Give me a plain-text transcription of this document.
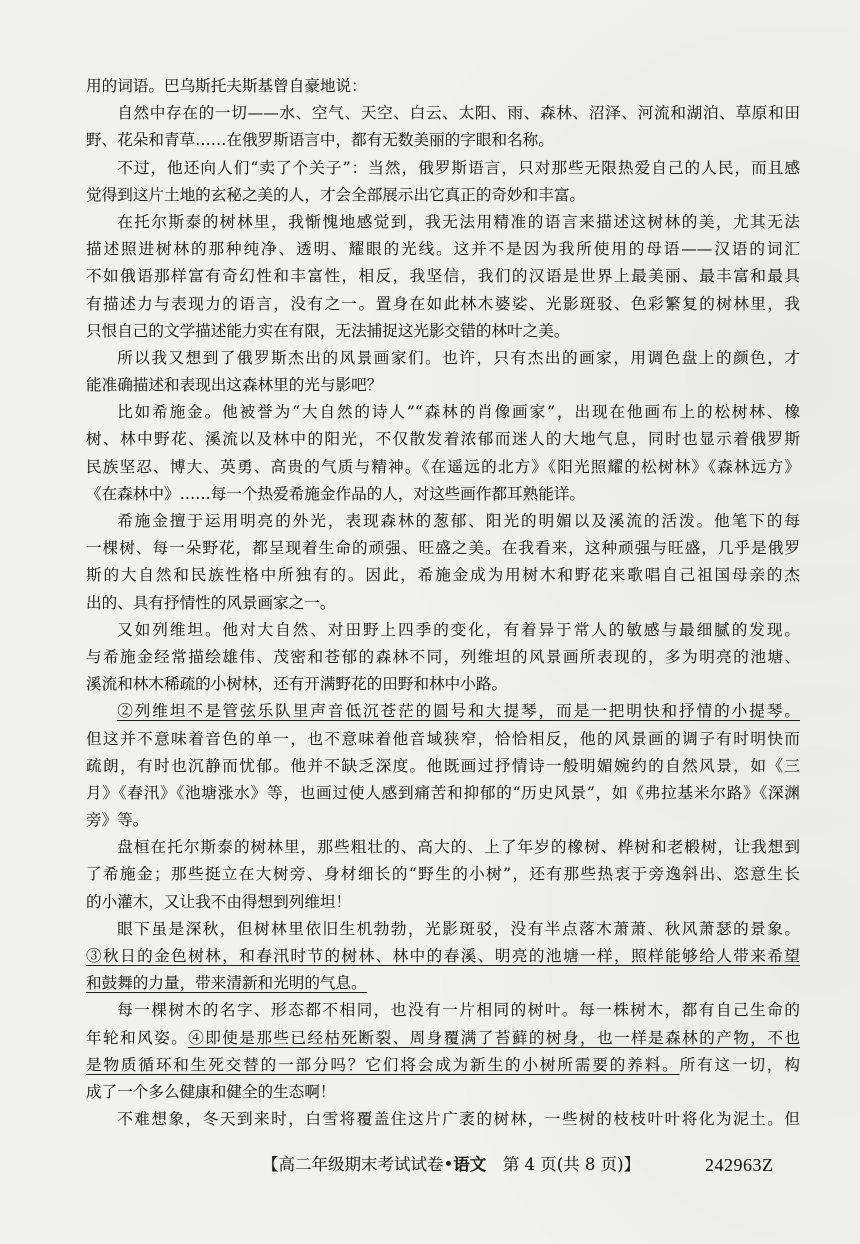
用的词语。巴乌斯托夫斯基曾自豪地说：
自然中存在的一切——水、空气、天空、白云、太阳、雨、森林、沼泽、河流和湖泊、草原和田
野、花朵和青草……在俄罗斯语言中，都有无数美丽的字眼和名称。
不过，他还向人们“卖了个关子”：当然，俄罗斯语言，只对那些无限热爱自己的人民，而且感
觉得到这片土地的玄秘之美的人，才会全部展示出它真正的奇妙和丰富。
在托尔斯泰的树林里，我惭愧地感觉到，我无法用精准的语言来描述这树林的美，尤其无法
描述照进树林的那种纯净、透明、耀眼的光线。这并不是因为我所使用的母语——汉语的词汇
不如俄语那样富有奇幻性和丰富性，相反，我坚信，我们的汉语是世界上最美丽、最丰富和最具
有描述力与表现力的语言，没有之一。置身在如此林木婆娑、光影斑驳、色彩繁复的树林里，我
只恨自己的文学描述能力实在有限，无法捕捉这光影交错的林叶之美。
所以我又想到了俄罗斯杰出的风景画家们。也许，只有杰出的画家，用调色盘上的颜色，才
能准确描述和表现出这森林里的光与影吧？
比如希施金。他被誉为“大自然的诗人”“森林的肖像画家”，出现在他画布上的松树林、橡
树、林中野花、溪流以及林中的阳光，不仅散发着浓郁而迷人的大地气息，同时也显示着俄罗斯
民族坚忍、博大、英勇、高贵的气质与精神。《在遥远的北方》《阳光照耀的松树林》《森林远方》
《在森林中》……每一个热爱希施金作品的人，对这些画作都耳熟能详。
希施金擅于运用明亮的外光，表现森林的葱郁、阳光的明媚以及溪流的活泼。他笔下的每
一棵树、每一朵野花，都呈现着生命的顽强、旺盛之美。在我看来，这种顽强与旺盛，几乎是俄罗
斯的大自然和民族性格中所独有的。因此，希施金成为用树木和野花来歌唱自己祖国母亲的杰
出的、具有抒情性的风景画家之一。
又如列维坦。他对大自然、对田野上四季的变化，有着异于常人的敏感与最细腻的发现。
与希施金经常描绘雄伟、茂密和苍郁的森林不同，列维坦的风景画所表现的，多为明亮的池塘、
溪流和林木稀疏的小树林，还有开满野花的田野和林中小路。
②列维坦不是管弦乐队里声音低沉苍茫的圆号和大提琴，而是一把明快和抒情的小提琴。
但这并不意味着音色的单一，也不意味着他音域狭窄，恰恰相反，他的风景画的调子有时明快而
疏朗，有时也沉静而忧郁。他并不缺乏深度。他既画过抒情诗一般明媚婉约的自然风景，如《三
月》《春汛》《池塘涨水》等，也画过使人感到痛苦和抑郁的“历史风景”，如《弗拉基米尔路》《深渊
旁》等。
盘桓在托尔斯泰的树林里，那些粗壮的、高大的、上了年岁的橡树、桦树和老椴树，让我想到
了希施金；那些挺立在大树旁、身材细长的“野生的小树”，还有那些热衷于旁逸斜出、恣意生长
的小灌木，又让我不由得想到列维坦！
眼下虽是深秋，但树林里依旧生机勃勃，光影斑驳，没有半点落木萧萧、秋风萧瑟的景象。
③秋日的金色树林，和春汛时节的树林、林中的春溪、明亮的池塘一样，照样能够给人带来希望
和鼓舞的力量，带来清新和光明的气息。
每一棵树木的名字、形态都不相同，也没有一片相同的树叶。每一株树木，都有自己生命的
年轮和风姿。④即使是那些已经枯死断裂、周身覆满了苔藓的树身，也一样是森林的产物，不也
是物质循环和生死交替的一部分吗？它们将会成为新生的小树所需要的养料。所有这一切，构
成了一个多么健康和健全的生态啊！
不难想象，冬天到来时，白雪将覆盖住这片广袤的树林，一些树的枝枝叶叶将化为泥土。但
【高二年级期末考试试卷•语文　第 4 页(共 8 页)】	242963Z
